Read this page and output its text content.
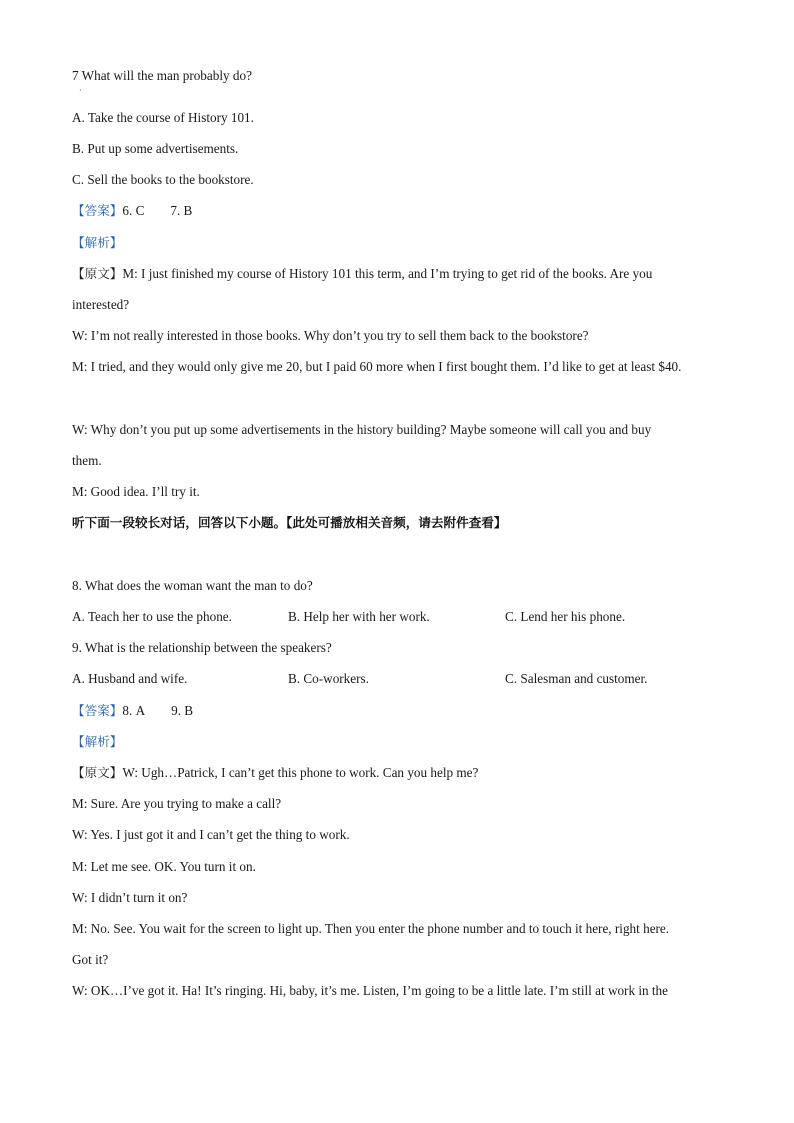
7 What will the man probably do?
·
A. Take the course of History 101.
B. Put up some advertisements.
C. Sell the books to the bookstore.
【答案】6. C 7. B
【解析】
【原文】M: I just finished my course of History 101 this term, and I’m trying to get rid of the books. Are you
interested?
W: I’m not really interested in those books. Why don’t you try to sell them back to the bookstore?
M: I tried, and they would only give me 20, but I paid 60 more when I first bought them. I’d like to get at least $40.
W: Why don’t you put up some advertisements in the history building? Maybe someone will call you and buy
them.
M: Good idea. I’ll try it.
听下面一段较长对话，回答以下小题。【此处可播放相关音频，请去附件查看】
8. What does the woman want the man to do?
A. Teach her to use the phone.	B. Help her with her work.	C. Lend her his phone.
9. What is the relationship between the speakers?
A. Husband and wife.	B. Co-workers.	C. Salesman and customer.
【答案】8. A 9. B
【解析】
【原文】W: Ugh…Patrick, I can’t get this phone to work. Can you help me?
M: Sure. Are you trying to make a call?
W: Yes. I just got it and I can’t get the thing to work.
M: Let me see. OK. You turn it on.
W: I didn’t turn it on?
M: No. See. You wait for the screen to light up. Then you enter the phone number and to touch it here, right here.
Got it?
W: OK…I’ve got it. Ha! It’s ringing. Hi, baby, it’s me. Listen, I’m going to be a little late. I’m still at work in the
